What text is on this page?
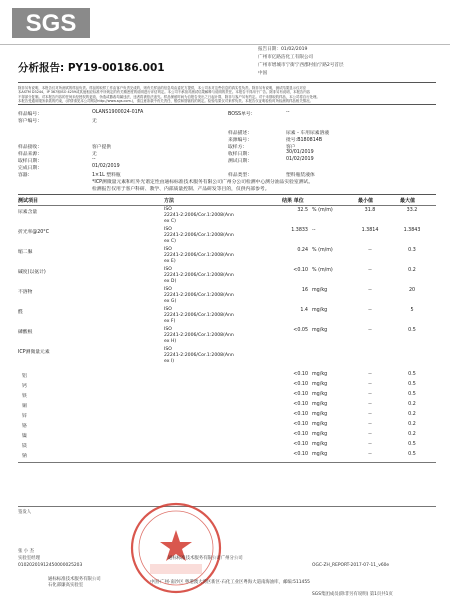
SGS
报告日期：01/02/2019
广州市亿路洁化工有限公司
广州市增城市宁街宁西郡村仙宁路2号首层
中国
分析报告: PY19-00186.001
除非另有说明，本报告仅对所测试的样品负责。样品的取样工作由客户负责完成的，则有关样品的信息均由委托方提供，本公司未对这些信息的真实性负责。除非另有说明，测试结果显示仅对应
本ASTM D3244、IP 367和ISO 4259或其他相应标准中所规定的有关精密度的说明进行评估判定。本公司不承担对测试结果解释与说明的责任。本报告不得用于广告。除非另有说明，本报告内容
不得部分复制。对本报告内容的任何未经授权的更改、伪造或篡改均属违法，违者将被依法追究。样品保留时间为自报告发出之日起计算，除非与客户另有约定。对于未领取的样品，本公司将自行处理。
本报告受通用服务条款的约束，(详情请见本公司网站http://www.sgs.com.)，请注意条款中有关责任、赔偿和管辖权的规定。检验结果仅对来样负责。本报告仅证明检验时所检测的样品相关情况。
样品编号：	OLANS1900024-01FA	BOSS单号：	--
客户编号：	无
样品描述：	尿素 - 车用尿素溶液
来源编号：	批号:B180814B
样品接收：	客户提供	取样方：	客户
样品来源：	无	收样日期：	30/01/2019
取样日期：	--	测试日期：	01/02/2019
完成日期：	01/02/2019
容器：	1×1L 塑料瓶	样品类型：	塑料瓶装液体
*ICP测微量元素和红外光谱定性由通标标准技术服务有限公司广州分公司检测中心测分油品实验室测试。
检测报告仅用于客户科研、教学、内部质量控制、产品研发等目的，仅供内部参考。
测试项目	方法	结果 单位	最小值	最大值
尿素含量
ISO
22241-2:2006/Cor.1:2008(Ann
ex C)
32.5 % (m/m)	31.8	33.2
折光率@20°C
ISO
22241-2:2006/Cor.1:2008(Ann
ex C)
1.3833 --	1.3814	1.3843
缩二脲
ISO
22241-2:2006/Cor.1:2008(Ann
ex E)
0.24 % (m/m)	--	0.3
碱度(以氨计)
ISO
22241-2:2006/Cor.1:2008(Ann
ex D)
<0.10 % (m/m)	--	0.2
不溶物
ISO
22241-2:2006/Cor.1:2008(Ann
ex G)
16 mg/kg	--	20
醛
ISO
22241-2:2006/Cor.1:2008(Ann
ex F)
1.4 mg/kg	--	5
磷酸根
ISO
22241-2:2006/Cor.1:2008(Ann
ex H)
<0.05 mg/kg	--	0.5
ICP测微量元素
ISO
22241-2:2006/Cor.1:2008(Ann
ex I)
铝	<0.10 mg/kg	--	0.5
钙	<0.10 mg/kg	--	0.5
铁	<0.10 mg/kg	--	0.5
铜	<0.10 mg/kg	--	0.2
锌	<0.10 mg/kg	--	0.2
铬	<0.10 mg/kg	--	0.2
镍	<0.10 mg/kg	--	0.2
镁	<0.10 mg/kg	--	0.5
钠	<0.10 mg/kg	--	0.5
签发人
张 小 杰
实验室经理	通标标准技术服务有限公司广州分公司
OGC-ZH_REPORT-2017-07-11_v60e
01020201912450000025203
通标标准技术服务有限公司
石化部廉高实验室
中国·广州·南沙区 粤港澳大湾区新区·石化工业区粤海大道南海油库，邮编:511455
SGS集团成员(除非另有说明) 第1页共1页
